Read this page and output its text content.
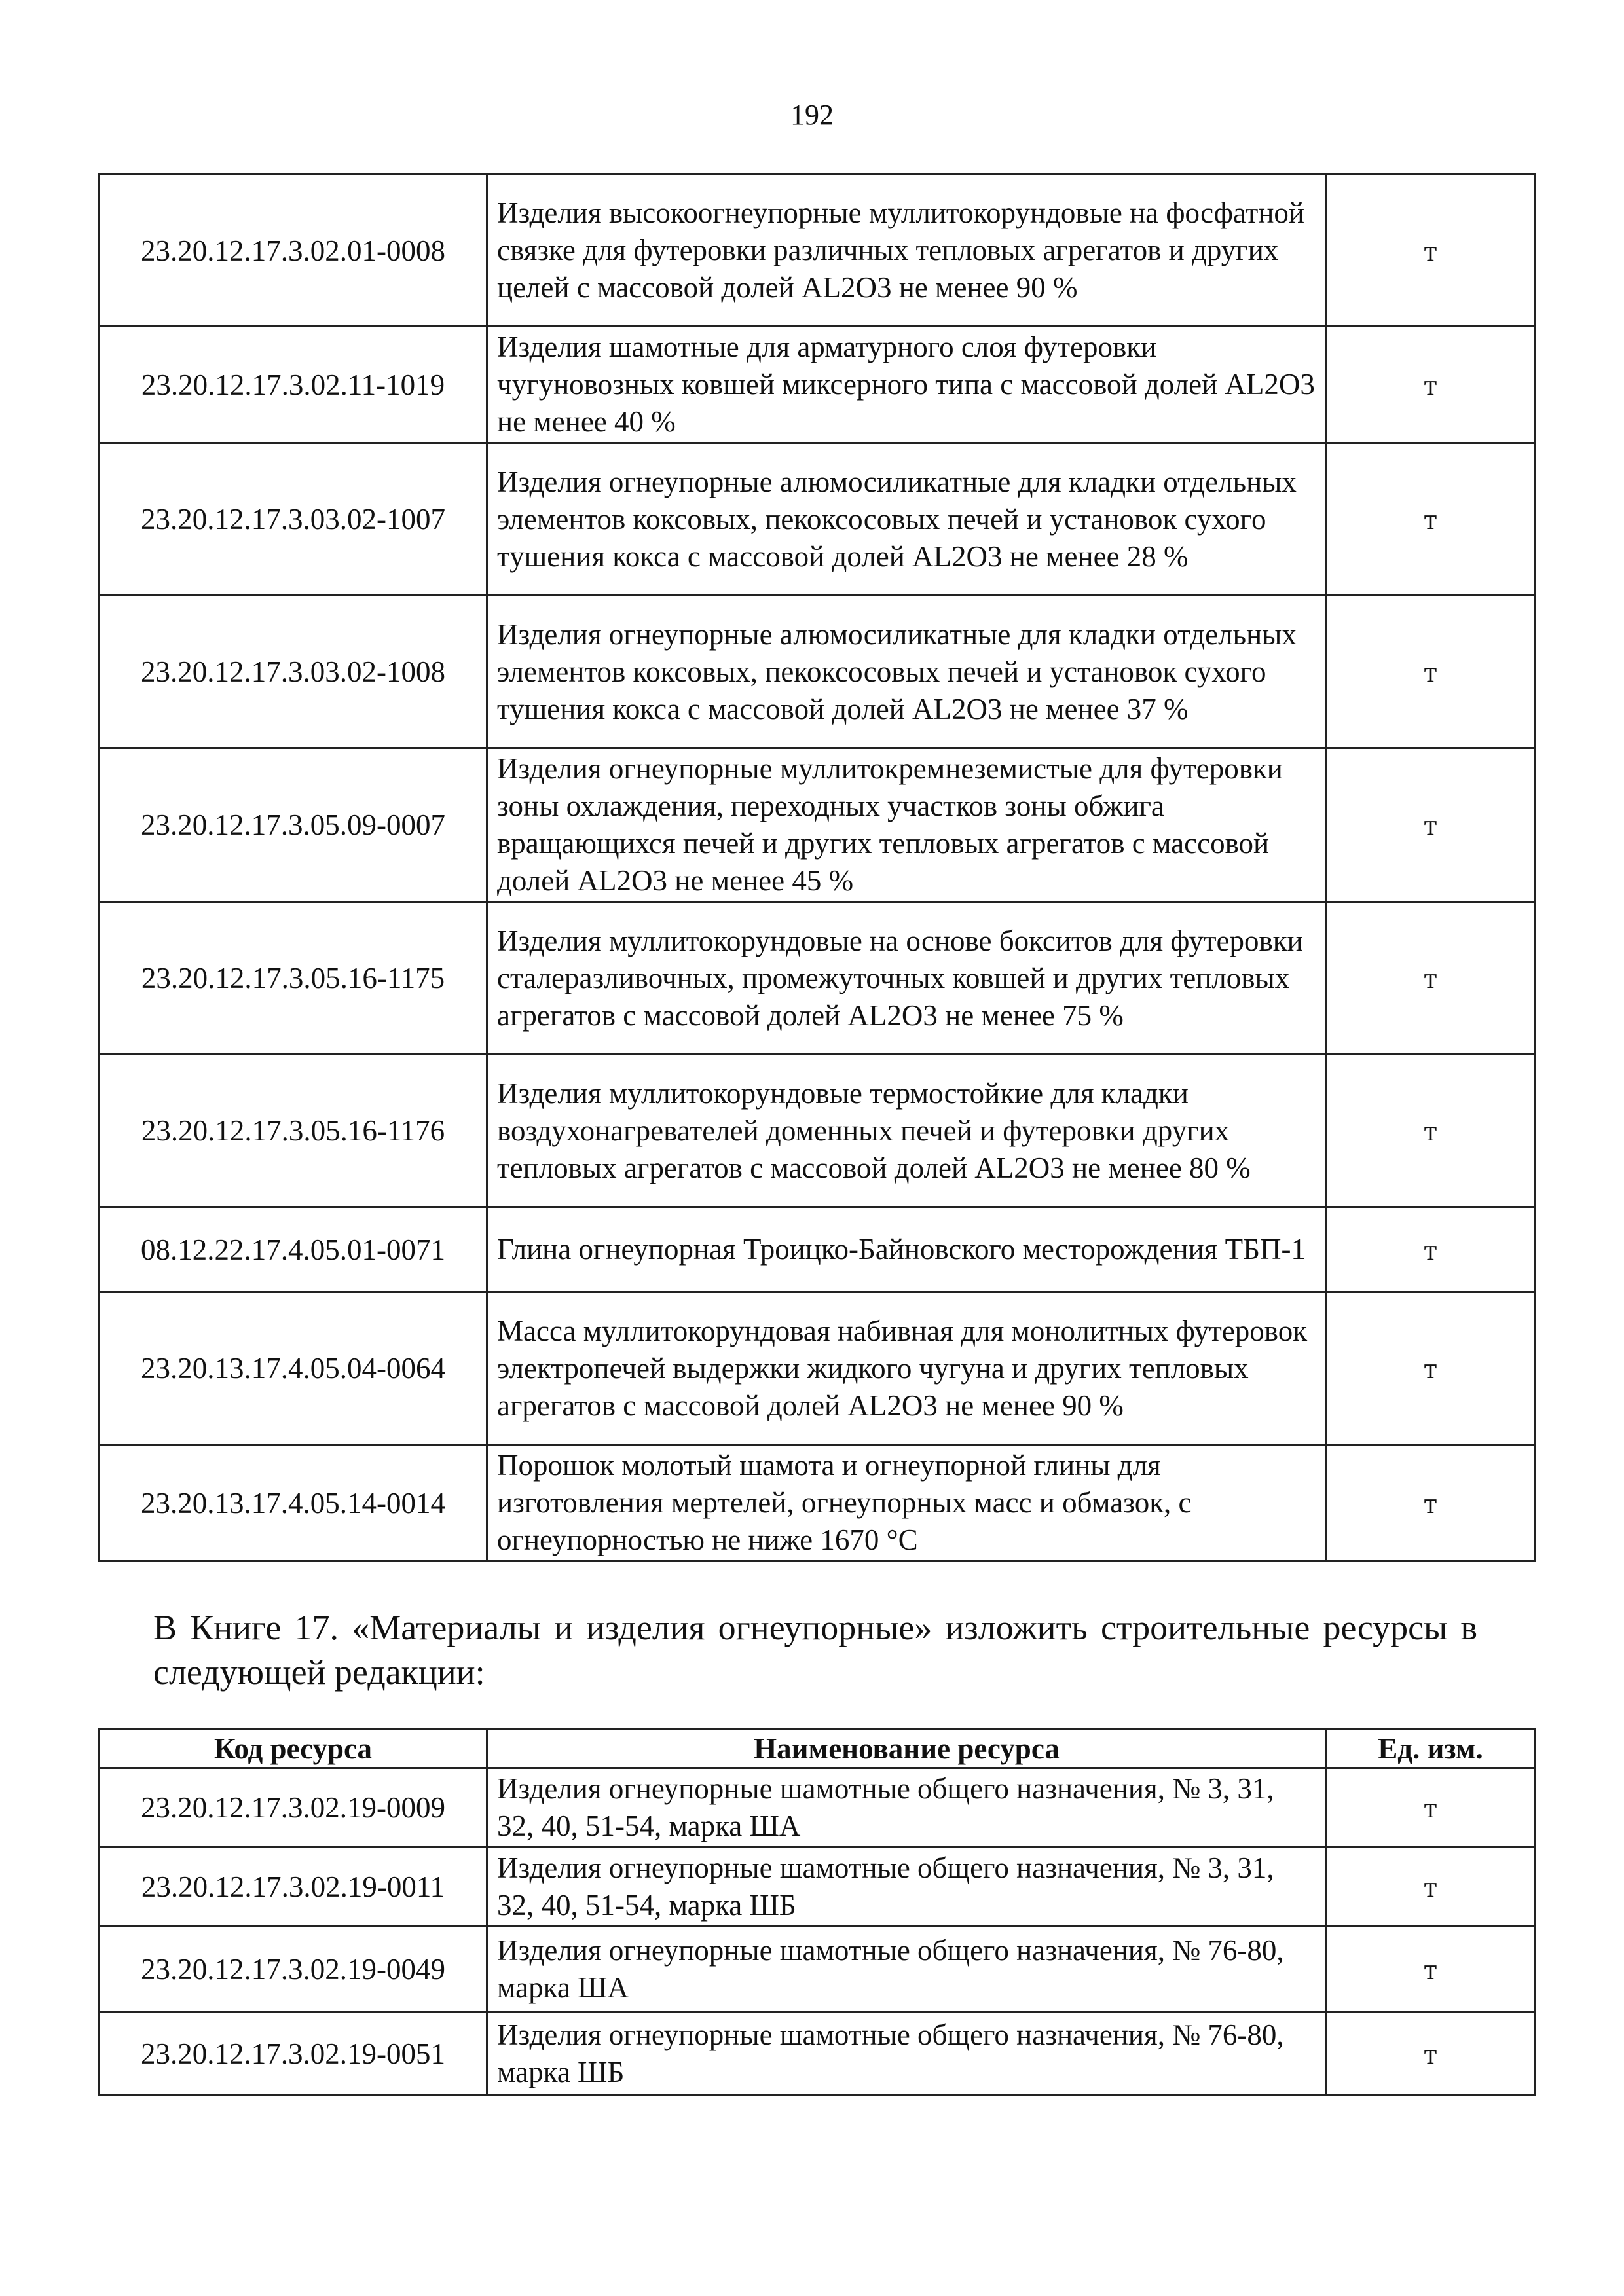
192
23.20.12.17.3.02.01-0008	Изделия высокоогнеупорные муллитокорундовые на фосфатной связке для футеровки различных тепловых агрегатов и других целей с массовой долей AL2O3 не менее 90 %	т
23.20.12.17.3.02.11-1019	Изделия шамотные для арматурного слоя футеровки чугуновозных ковшей миксерного типа с массовой долей AL2O3 не менее 40 %	т
23.20.12.17.3.03.02-1007	Изделия огнеупорные алюмосиликатные для кладки отдельных элементов коксовых, пекоксосовых печей и установок сухого тушения кокса с массовой долей AL2O3 не менее 28 %	т
23.20.12.17.3.03.02-1008	Изделия огнеупорные алюмосиликатные для кладки отдельных элементов коксовых, пекоксосовых печей и установок сухого тушения кокса с массовой долей AL2O3 не менее 37 %	т
23.20.12.17.3.05.09-0007	Изделия огнеупорные муллитокремнеземистые для футеровки зоны охлаждения, переходных участков зоны обжига вращающихся печей и других тепловых агрегатов с массовой долей AL2O3 не менее 45 %	т
23.20.12.17.3.05.16-1175	Изделия муллитокорундовые на основе бокситов для футеровки сталеразливочных, промежуточных ковшей и других тепловых агрегатов с массовой долей AL2O3 не менее 75 %	т
23.20.12.17.3.05.16-1176	Изделия муллитокорундовые термостойкие для кладки воздухонагревателей доменных печей и футеровки других тепловых агрегатов с массовой долей AL2O3 не менее 80 %	т
08.12.22.17.4.05.01-0071	Глина огнеупорная Троицко-Байновского месторождения ТБП-1	т
23.20.13.17.4.05.04-0064	Масса муллитокорундовая набивная для монолитных футеровок электропечей выдержки жидкого чугуна и других тепловых агрегатов с массовой долей AL2O3 не менее 90 %	т
23.20.13.17.4.05.14-0014	Порошок молотый шамота и огнеупорной глины для изготовления мертелей, огнеупорных масс и обмазок, с огнеупорностью не ниже 1670 °C	т
В Книге 17. «Материалы и изделия огнеупорные» изложить строительные ресурсы в следующей редакции:
Код ресурса	Наименование ресурса	Ед. изм.
23.20.12.17.3.02.19-0009	Изделия огнеупорные шамотные общего назначения, № 3, 31, 32, 40, 51-54, марка ША	т
23.20.12.17.3.02.19-0011	Изделия огнеупорные шамотные общего назначения, № 3, 31, 32, 40, 51-54, марка ШБ	т
23.20.12.17.3.02.19-0049	Изделия огнеупорные шамотные общего назначения, № 76-80, марка ША	т
23.20.12.17.3.02.19-0051	Изделия огнеупорные шамотные общего назначения, № 76-80, марка ШБ	т
